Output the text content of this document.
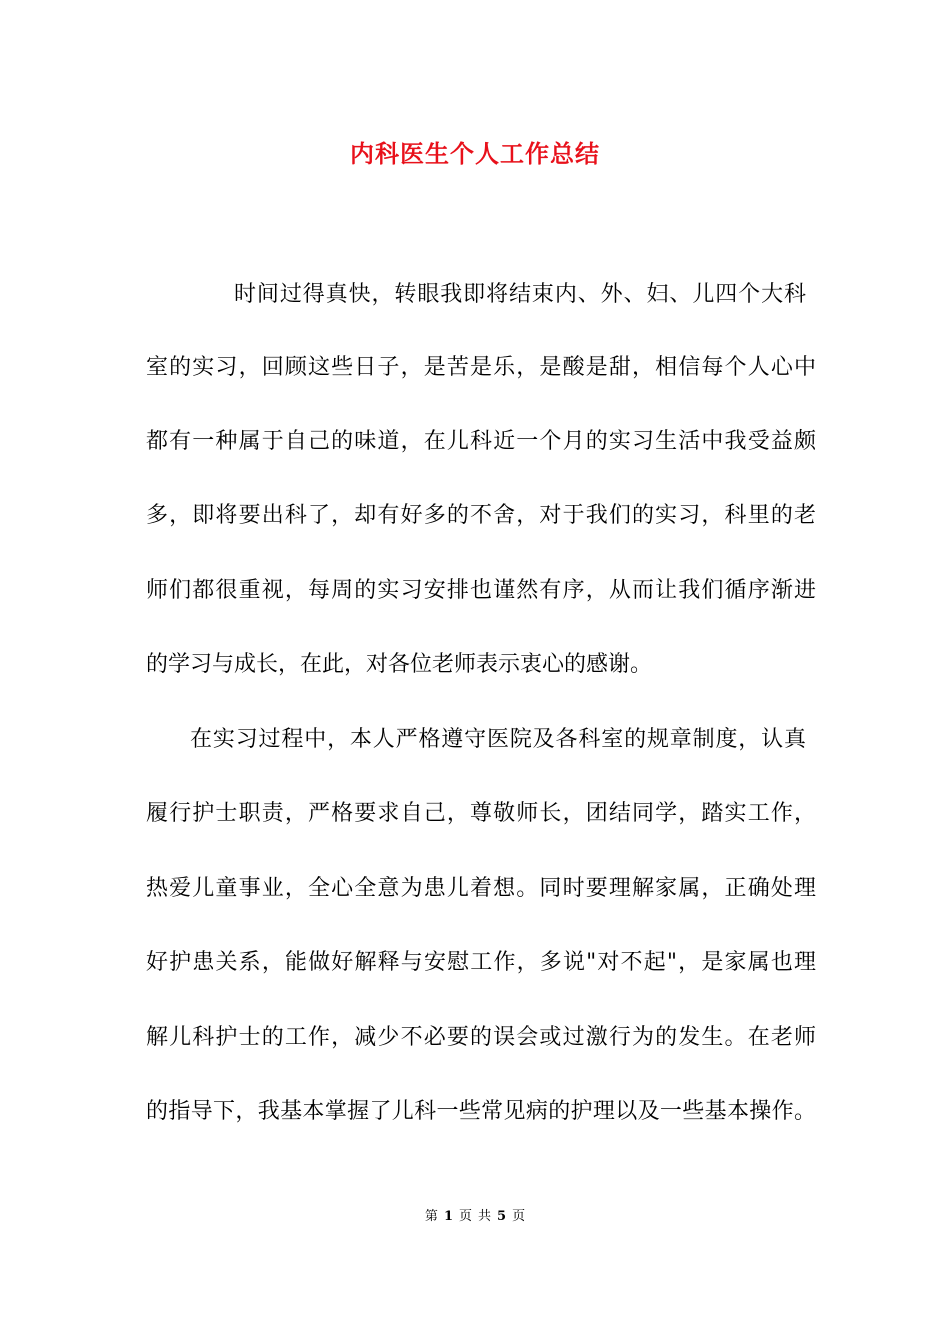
内科医生个人工作总结
时间过得真快，转眼我即将结束内、外、妇、儿四个大科
室的实习，回顾这些日子，是苦是乐，是酸是甜，相信每个人心中
都有一种属于自己的味道，在儿科近一个月的实习生活中我受益颇
多，即将要出科了，却有好多的不舍，对于我们的实习，科里的老
师们都很重视，每周的实习安排也谨然有序，从而让我们循序渐进
的学习与成长，在此，对各位老师表示衷心的感谢。
在实习过程中，本人严格遵守医院及各科室的规章制度，认真
履行护士职责，严格要求自己，尊敬师长，团结同学，踏实工作，
热爱儿童事业，全心全意为患儿着想。同时要理解家属，正确处理
好护患关系，能做好解释与安慰工作，多说"对不起"，是家属也理
解儿科护士的工作，减少不必要的误会或过激行为的发生。在老师
的指导下，我基本掌握了儿科一些常见病的护理以及一些基本操作。
第 1 页 共 5 页
